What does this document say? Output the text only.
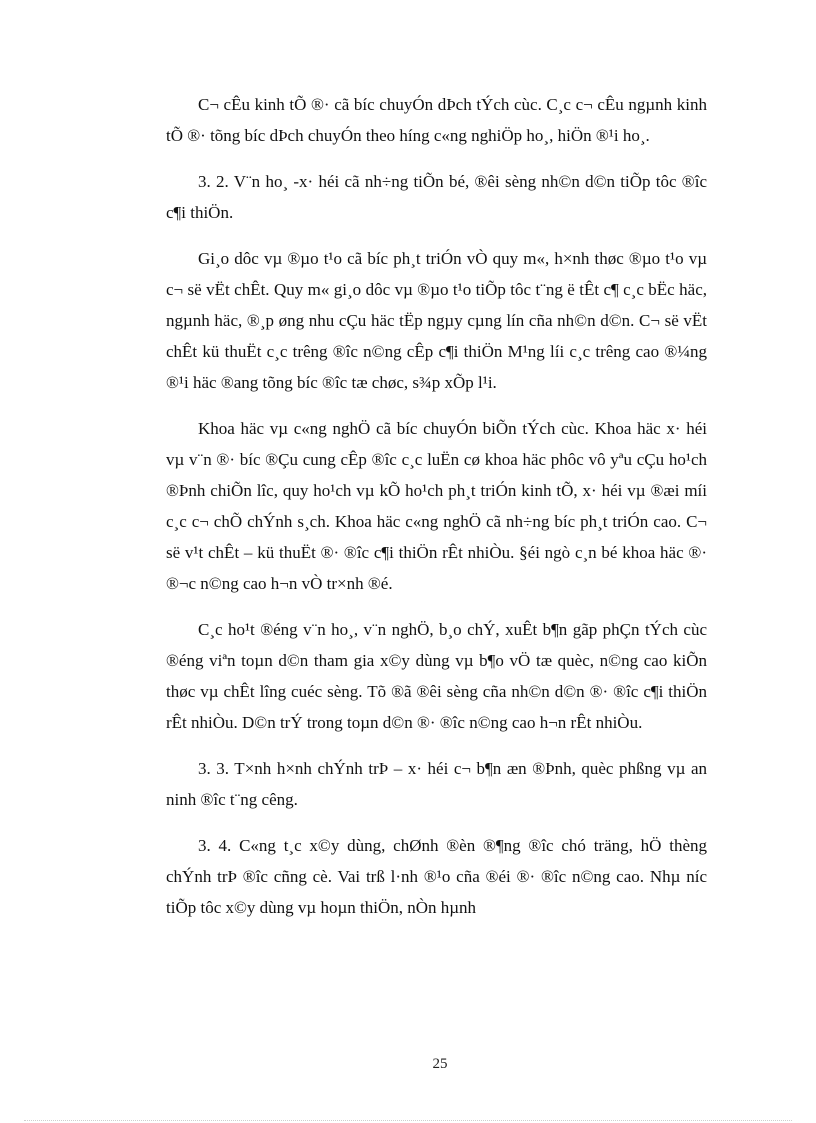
C¬ cÊu kinh tÕ ®· cã bíc chuyÓn dÞch tÝch cùc. C¸c c¬ cÊu ngµnh kinh tÕ ®· tõng bíc dÞch chuyÓn theo híng c«ng nghiÖp ho¸, hiÖn ®¹i ho¸.

3. 2. V¨n ho¸ -x· héi cã nh÷ng tiÕn bé, ®êi sèng nh©n d©n tiÕp tôc ®îc c¶i thiÖn.

Gi¸o dôc vµ ®µo t¹o cã bíc ph¸t triÓn vÒ quy m«, h×nh thøc ®µo t¹o vµ c¬ së vËt chÊt. Quy m« gi¸o dôc vµ ®µo t¹o tiÕp tôc t¨ng ë tÊt c¶ c¸c bËc häc, ngµnh häc, ®¸p øng nhu cÇu häc tËp ngµy cµng lín cña nh©n d©n. C¬ së vËt chÊt kü thuËt c¸c trêng ®îc n©ng cÊp c¶i thiÖn M¹ng líi c¸c trêng cao ®¼ng ®¹i häc ®ang tõng bíc ®îc tæ chøc, s¾p xÕp l¹i.

Khoa häc vµ c«ng nghÖ cã bíc chuyÓn biÕn tÝch cùc. Khoa häc x· héi vµ v¨n ®· bíc ®Çu cung cÊp ®îc c¸c luËn cø khoa häc phôc vô yªu cÇu ho¹ch ®Þnh chiÕn lîc, quy ho¹ch vµ kÕ ho¹ch ph¸t triÓn kinh tÕ, x· héi vµ ®æi míi c¸c c¬ chÕ chÝnh s¸ch. Khoa häc c«ng nghÖ cã nh÷ng bíc ph¸t triÓn cao. C¬ së v¹t chÊt – kü thuËt ®· ®îc c¶i thiÖn rÊt nhiÒu. §éi ngò c¸n bé khoa häc ®· ®¬c n©ng cao h¬n vÒ tr×nh ®é.

C¸c ho¹t ®éng v¨n ho¸, v¨n nghÖ, b¸o chÝ, xuÊt b¶n gãp phÇn tÝch cùc ®éng viªn toµn d©n tham gia x©y dùng vµ b¶o vÖ tæ quèc, n©ng cao kiÕn thøc vµ chÊt lîng cuéc sèng. Tõ ®ã ®êi sèng cña nh©n d©n ®· ®îc c¶i thiÖn rÊt nhiÒu. D©n trÝ trong toµn d©n ®· ®îc n©ng cao h¬n rÊt nhiÒu.

3. 3. T×nh h×nh chÝnh trÞ – x· héi c¬ b¶n æn ®Þnh, quèc phßng vµ an ninh ®îc t¨ng cêng.

3. 4. C«ng t¸c x©y dùng, chØnh ®èn ®¶ng ®îc chó träng, hÖ thèng chÝnh trÞ ®îc cñng cè. Vai trß l·nh ®¹o cña ®éi ®· ®îc n©ng cao. Nhµ níc tiÕp tôc x©y dùng vµ hoµn thiÖn, nÒn hµnh

25
